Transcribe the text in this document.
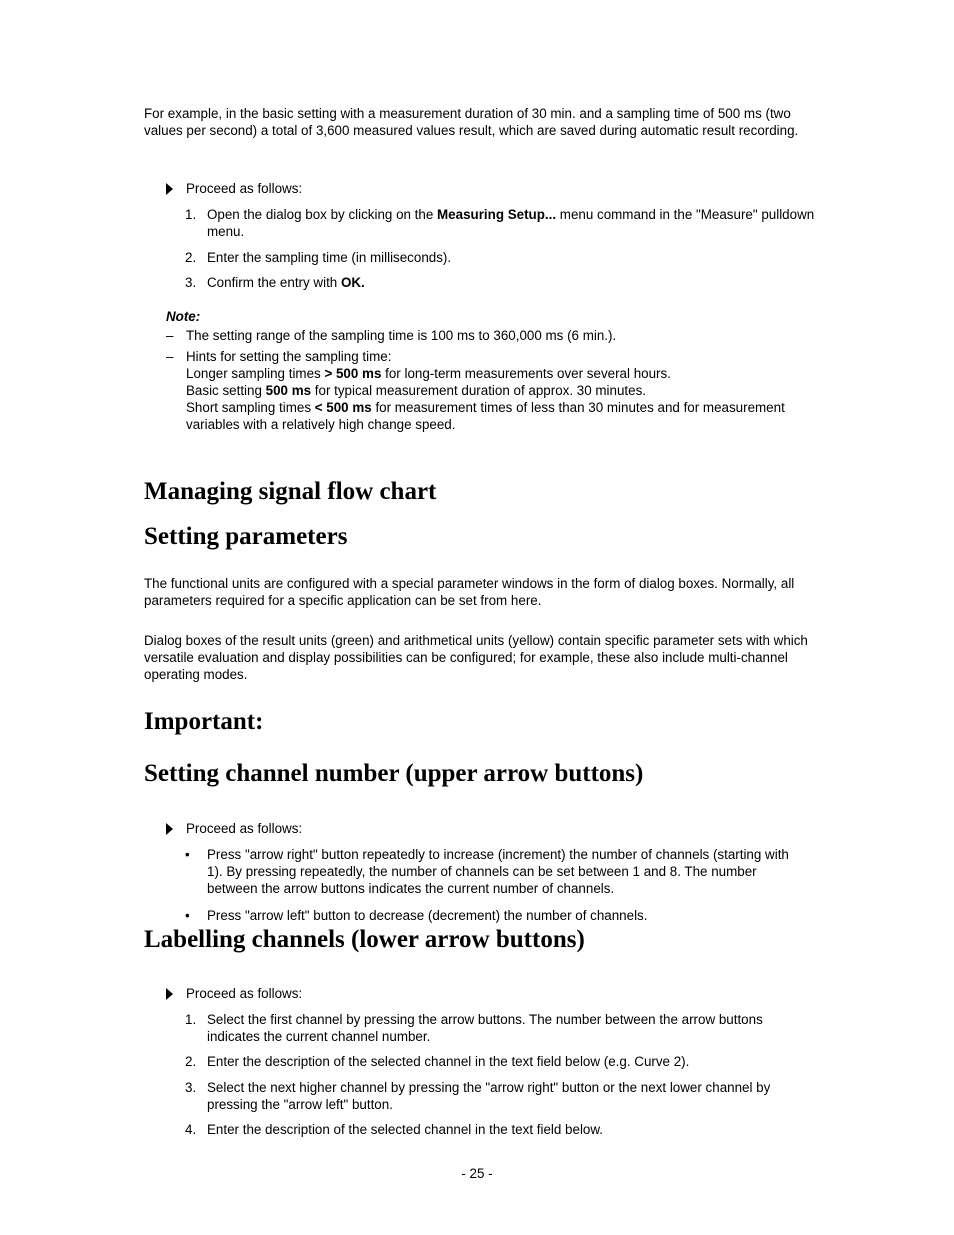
For example, in the basic setting with a measurement duration of 30 min. and a sampling time of 500 ms (two values per second) a total of 3,600 measured values result, which are saved during automatic result recording.

Proceed as follows:
1. Open the dialog box by clicking on the Measuring Setup... menu command in the "Measure" pulldown menu.
2. Enter the sampling time (in milliseconds).
3. Confirm the entry with OK.
Note:
– The setting range of the sampling time is 100 ms to 360,000 ms (6 min.).
– Hints for setting the sampling time:
Longer sampling times > 500 ms for long-term measurements over several hours.
Basic setting 500 ms for typical measurement duration of approx. 30 minutes.
Short sampling times < 500 ms for measurement times of less than 30 minutes and for measurement variables with a relatively high change speed.
Managing signal flow chart
Setting parameters

The functional units are configured with a special parameter windows in the form of dialog boxes. Normally, all parameters required for a specific application can be set from here.

Dialog boxes of the result units (green) and arithmetical units (yellow) contain specific parameter sets with which versatile evaluation and display possibilities can be configured; for example, these also include multi-channel operating modes.

Important:
Setting channel number (upper arrow buttons)
Proceed as follows:
• Press "arrow right" button repeatedly to increase (increment) the number of channels (starting with 1). By pressing repeatedly, the number of channels can be set between 1 and 8. The number between the arrow buttons indicates the current number of channels.
• Press "arrow left" button to decrease (decrement) the number of channels.
Labelling channels (lower arrow buttons)
Proceed as follows:
1. Select the first channel by pressing the arrow buttons. The number between the arrow buttons indicates the current channel number.
2. Enter the description of the selected channel in the text field below (e.g. Curve 2).
3. Select the next higher channel by pressing the "arrow right" button or the next lower channel by pressing the "arrow left" button.
4. Enter the description of the selected channel in the text field below.
- 25 -
